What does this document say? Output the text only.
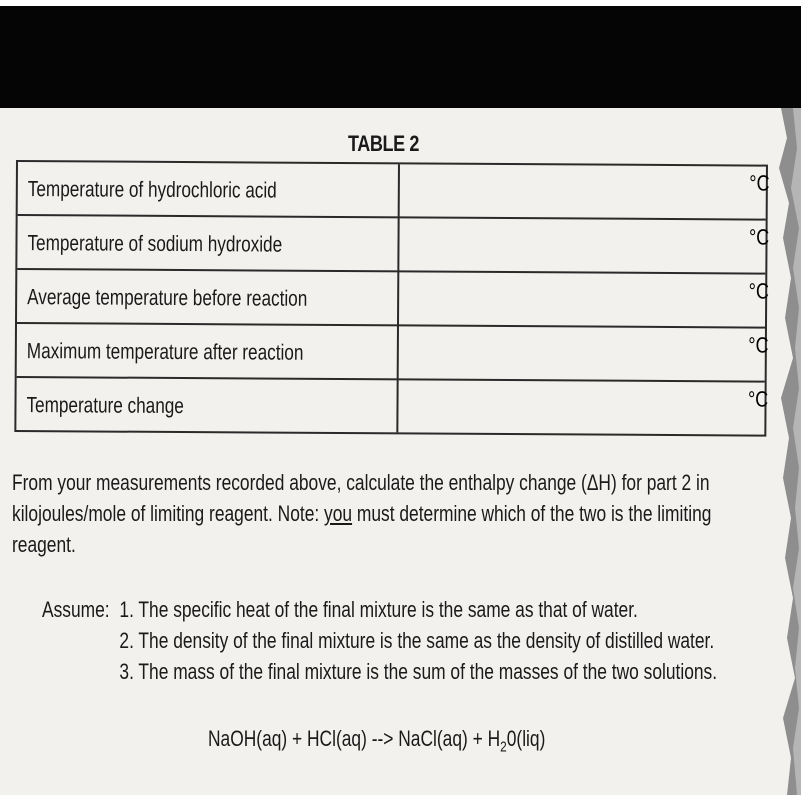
TABLE 2
Temperature of hydrochloric acid	°C
Temperature of sodium hydroxide	°C
Average temperature before reaction	°C
Maximum temperature after reaction	°C
Temperature change	°C
From your measurements recorded above, calculate the enthalpy change (ΔH) for part 2 in kilojoules/mole of limiting reagent. Note: you must determine which of the two is the limiting reagent.
Assume: 1. The specific heat of the final mixture is the same as that of water.
2. The density of the final mixture is the same as the density of distilled water.
3. The mass of the final mixture is the sum of the masses of the two solutions.
NaOH(aq) + HCl(aq) --> NaCl(aq) + $H_20(liq)$
